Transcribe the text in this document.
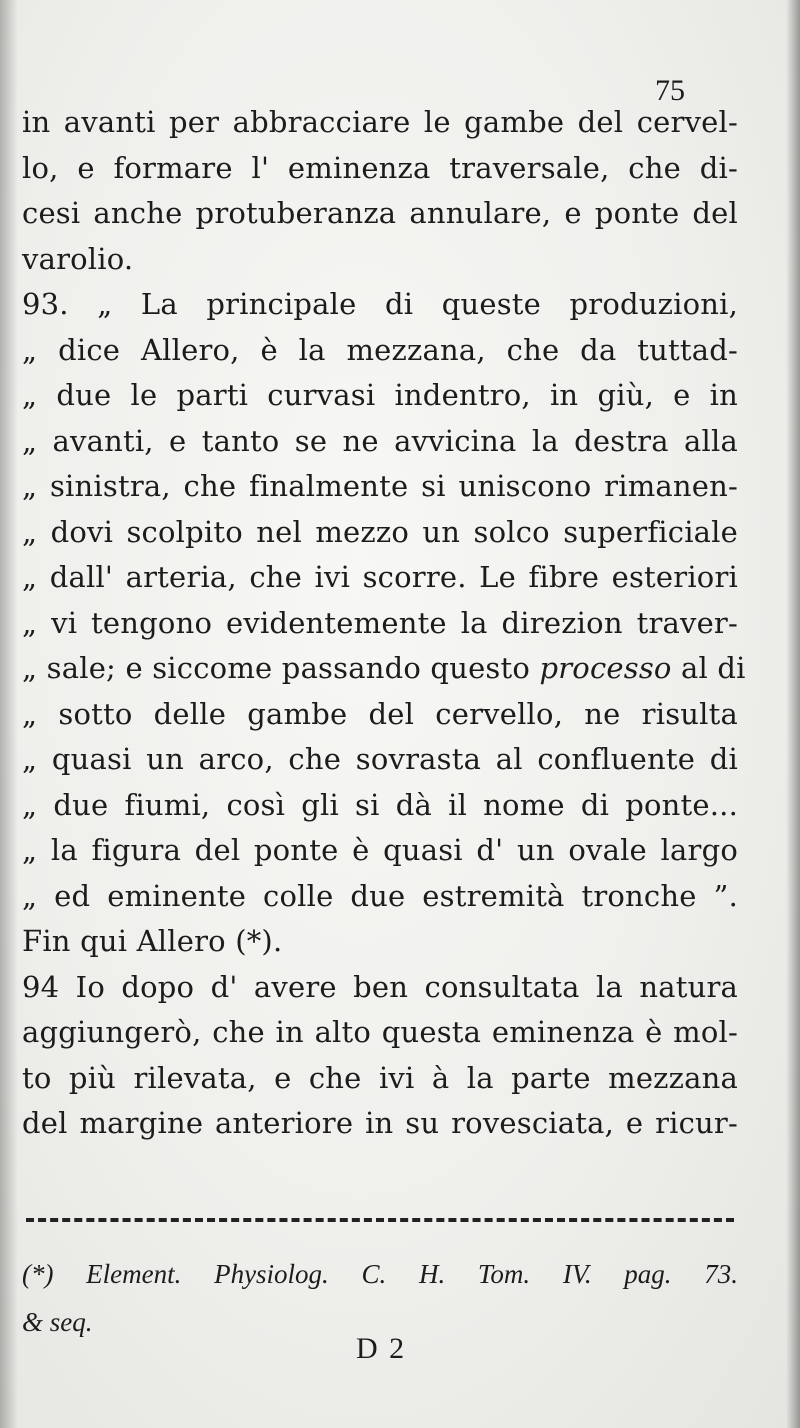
75
in avanti per abbracciare le gambe del cervel-
lo, e formare l' eminenza traversale, che di-
cesi anche protuberanza annulare, e ponte del
varolio.
93. „ La principale di queste produzioni,
„ dice Allero, è la mezzana, che da tuttad-
„ due le parti curvasi indentro, in giù, e in
„ avanti, e tanto se ne avvicina la destra alla
„ sinistra, che finalmente si uniscono rimanen-
„ dovi scolpito nel mezzo un solco superficiale
„ dall' arteria, che ivi scorre. Le fibre esteriori
„ vi tengono evidentemente la direzion traver-
„ sale; e siccome passando questo processo al di
„ sotto delle gambe del cervello, ne risulta
„ quasi un arco, che sovrasta al confluente di
„ due fiumi, così gli si dà il nome di ponte...
„ la figura del ponte è quasi d' un ovale largo
„ ed eminente colle due estremità tronche ”.
Fin qui Allero (*).
94 Io dopo d' avere ben consultata la natura
aggiungerò, che in alto questa eminenza è mol-
to più rilevata, e che ivi à la parte mezzana
del margine anteriore in su rovesciata, e ricur-
(*) Element. Physiolog. C. H. Tom. IV. pag. 73.
& seq.
D 2
